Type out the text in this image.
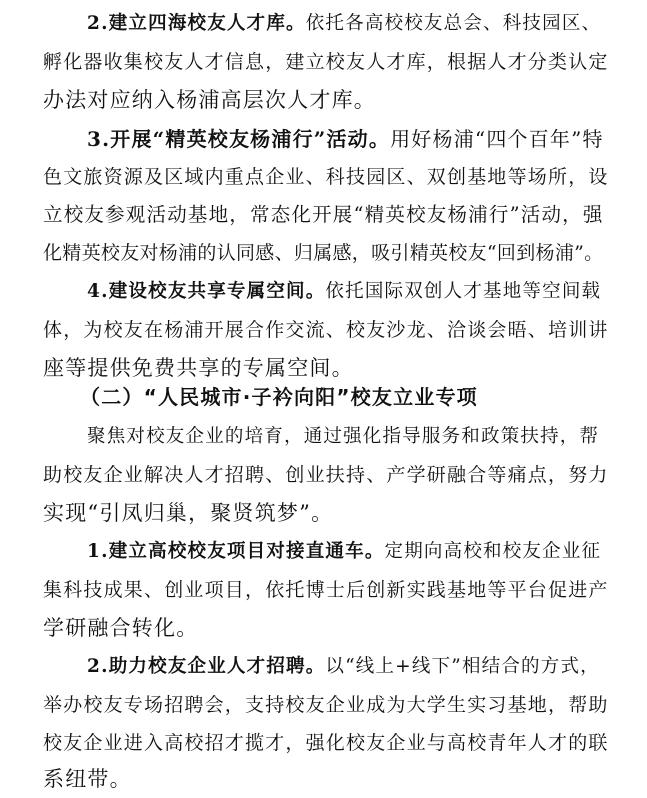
2.建立四海校友人才库。依托各高校校友总会、科技园区、
孵化器收集校友人才信息，建立校友人才库，根据人才分类认定
办法对应纳入杨浦高层次人才库。
3.开展“精英校友杨浦行”活动。用好杨浦“四个百年”特
色文旅资源及区域内重点企业、科技园区、双创基地等场所，设
立校友参观活动基地，常态化开展“精英校友杨浦行”活动，强
化精英校友对杨浦的认同感、归属感，吸引精英校友“回到杨浦”。
4.建设校友共享专属空间。依托国际双创人才基地等空间载
体，为校友在杨浦开展合作交流、校友沙龙、洽谈会晤、培训讲
座等提供免费共享的专属空间。
（二）“人民城市·子衿向阳”校友立业专项
聚焦对校友企业的培育，通过强化指导服务和政策扶持，帮
助校友企业解决人才招聘、创业扶持、产学研融合等痛点，努力
实现“引凤归巢，聚贤筑梦”。
1.建立高校校友项目对接直通车。定期向高校和校友企业征
集科技成果、创业项目，依托博士后创新实践基地等平台促进产
学研融合转化。
2.助力校友企业人才招聘。以“线上+线下”相结合的方式，
举办校友专场招聘会，支持校友企业成为大学生实习基地，帮助
校友企业进入高校招才揽才，强化校友企业与高校青年人才的联
系纽带。
